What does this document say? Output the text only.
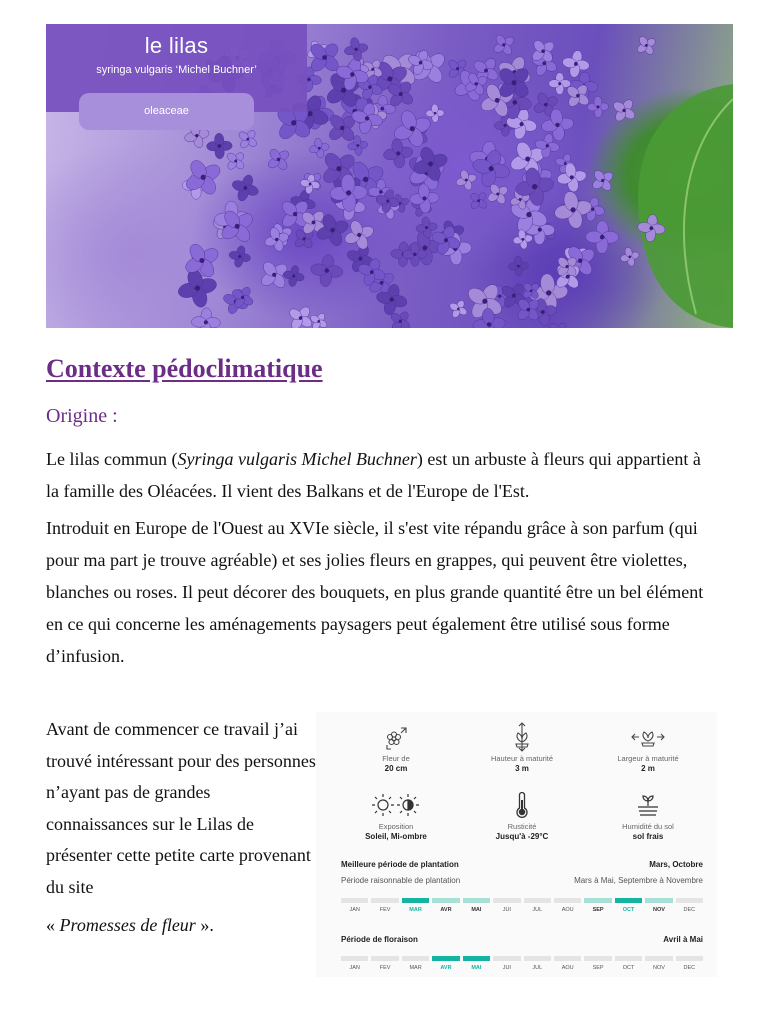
le lilas
syringa vulgaris ‘Michel Buchner’
oleaceae
Contexte pédoclimatique
Origine :
Le lilas commun (Syringa vulgaris Michel Buchner) est un arbuste à fleurs qui appartient à la famille des Oléacées. Il vient des Balkans et de l'Europe de l'Est.
Introduit en Europe de l'Ouest au XVIe siècle, il s'est vite répandu grâce à son parfum (qui pour ma part je trouve agréable) et ses jolies fleurs en grappes, qui peuvent être violettes, blanches ou roses. Il peut décorer des bouquets, en plus grande quantité être un bel élément en ce qui concerne les aménagements paysagers peut également être utilisé sous forme d’infusion.
Avant de commencer ce travail j’ai trouvé intéressant pour des personnes n’ayant pas de grandes connaissances sur le Lilas de présenter cette petite carte provenant du site
« Promesses de fleur ».
Fleur de
20 cm
Hauteur à maturité
3 m
Largeur à maturité
2 m
Exposition
Soleil, Mi-ombre
Rusticité
Jusqu'à -29°C
Humidité du sol
sol frais
Meilleure période de plantation	Mars, Octobre
Période raisonnable de plantation	Mars à Mai, Septembre à Novembre
JAN	FEV	MAR	AVR	MAI	JUI	JUL	AOU	SEP	OCT	NOV	DEC
Période de floraison	Avril à Mai
JAN	FEV	MAR	AVR	MAI	JUI	JUL	AOU	SEP	OCT	NOV	DEC
